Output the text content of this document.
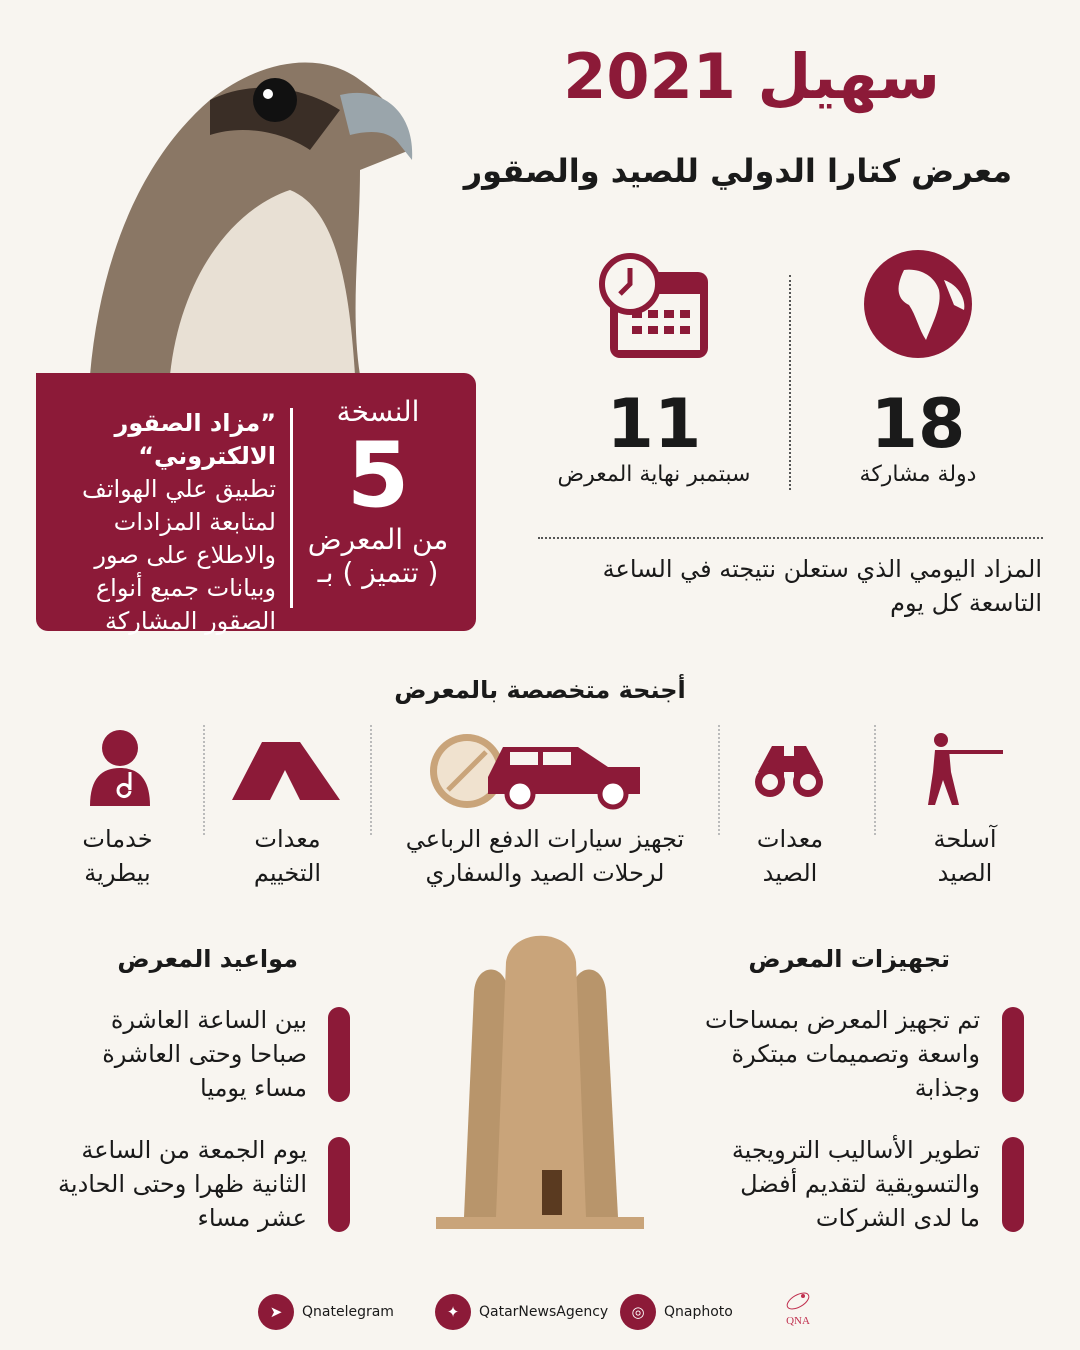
سهيل 2021
معرض كتارا الدولي للصيد والصقور
18
دولة مشاركة
11
سبتمبر نهاية المعرض
المزاد اليومي الذي ستعلن نتيجته في الساعة
التاسعة كل يوم
النسخة
5
من المعرض
( تتميز ) بـ
”مزاد الصقور الالكتروني“
تطبيق علي الهواتف
لمتابعة المزادات
والاطلاع على صور
وبيانات جميع أنواع
الصقور المشاركة
أجنحة متخصصة بالمعرض
آسلحة
الصيد
معدات
الصيد
تجهيز سيارات الدفع الرباعي
لرحلات الصيد والسفاري
معدات
التخييم
خدمات
بيطرية
تجهيزات المعرض
تم تجهيز المعرض بمساحات
واسعة وتصميمات مبتكرة
وجذابة
تطوير الأساليب الترويجية
والتسويقية لتقديم أفضل
ما لدى الشركات
مواعيد المعرض
بين الساعة العاشرة
صباحا وحتى العاشرة
مساء يوميا
يوم الجمعة من الساعة
الثانية ظهرا وحتى الحادية
عشر مساء
➤	Qnatelegram	✦	QatarNewsAgency	◎	Qnaphoto
QNA
